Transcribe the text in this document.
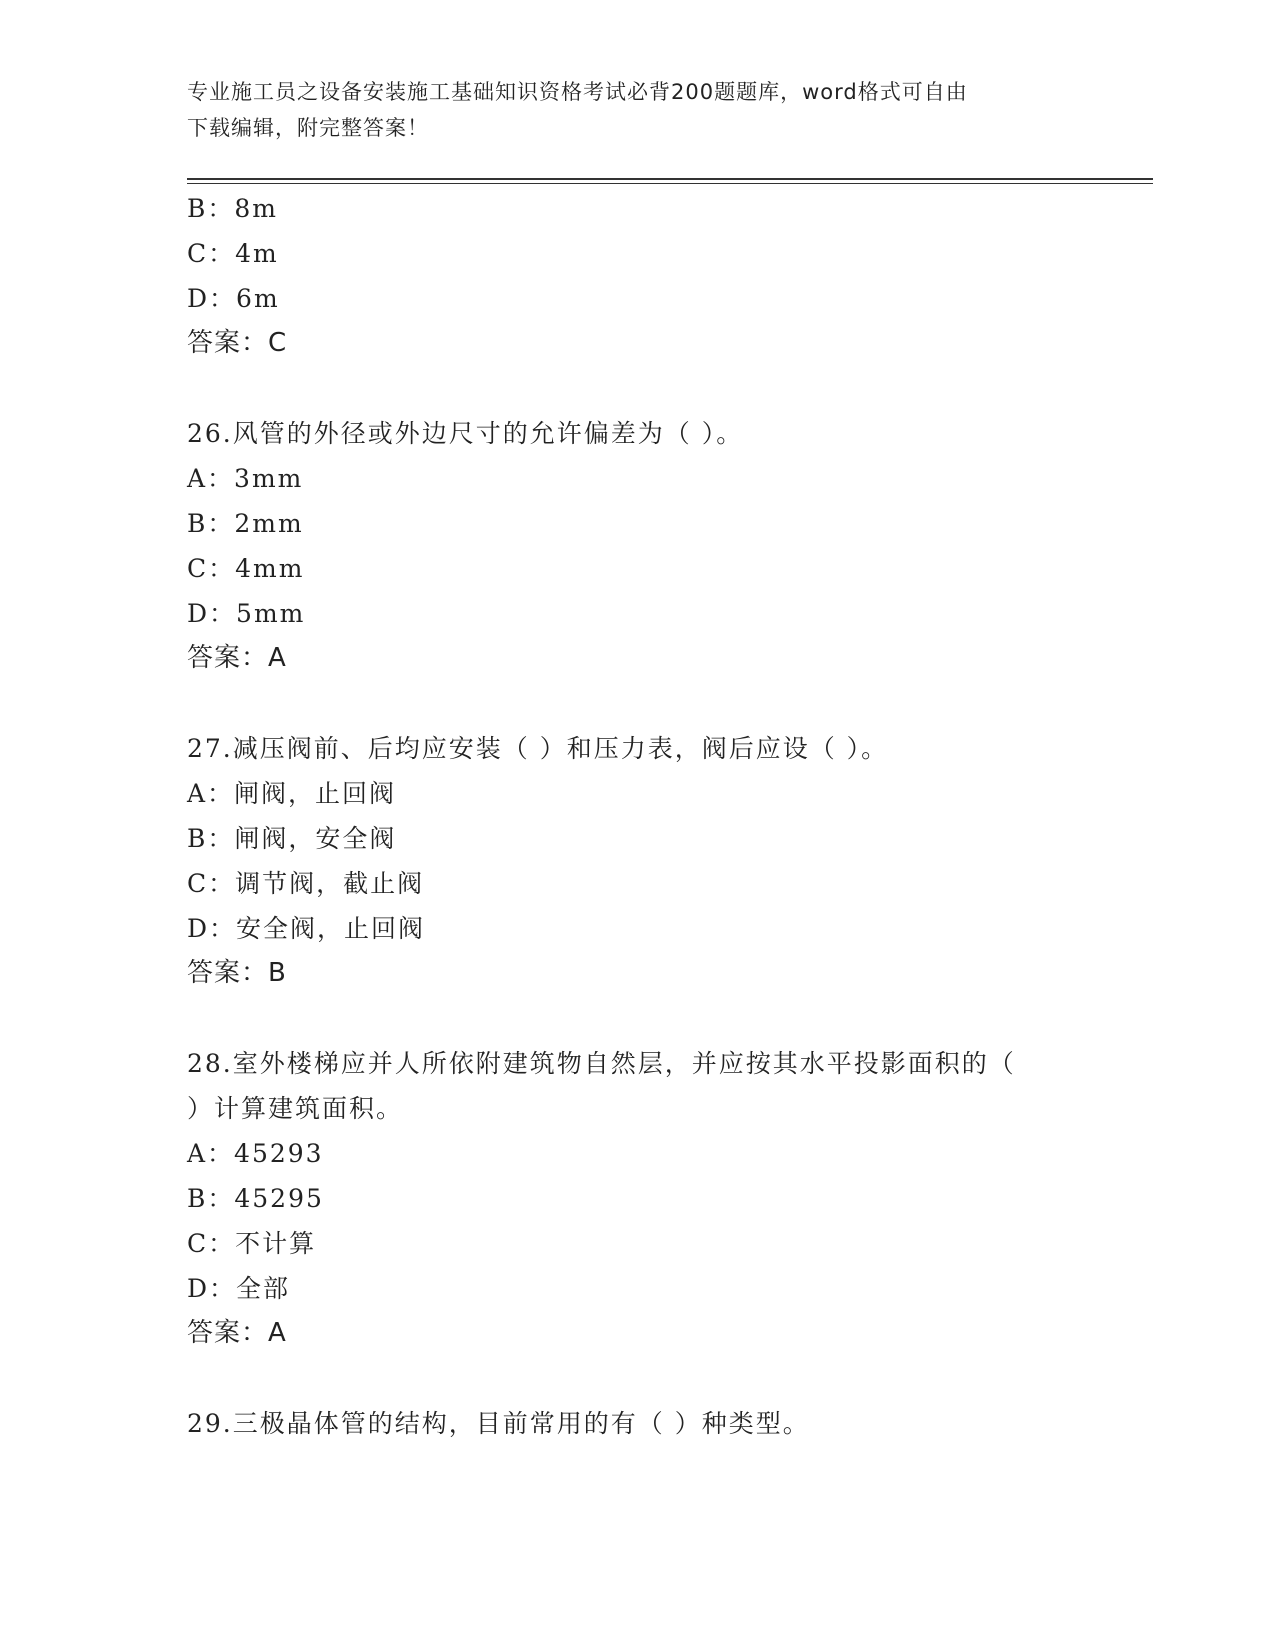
专业施工员之设备安装施工基础知识资格考试必背200题题库，word格式可自由
下载编辑，附完整答案！
B：8m
C：4m
D：6m
答案：C
26.风管的外径或外边尺寸的允许偏差为（ ）。
A：3mm
B：2mm
C：4mm
D：5mm
答案：A
27.减压阀前、后均应安装（ ）和压力表，阀后应设（ ）。
A：闸阀，止回阀
B：闸阀，安全阀
C：调节阀，截止阀
D：安全阀，止回阀
答案：B
28.室外楼梯应并人所依附建筑物自然层，并应按其水平投影面积的（
）计算建筑面积。
A：45293
B：45295
C：不计算
D：全部
答案：A
29.三极晶体管的结构，目前常用的有（ ）种类型。
